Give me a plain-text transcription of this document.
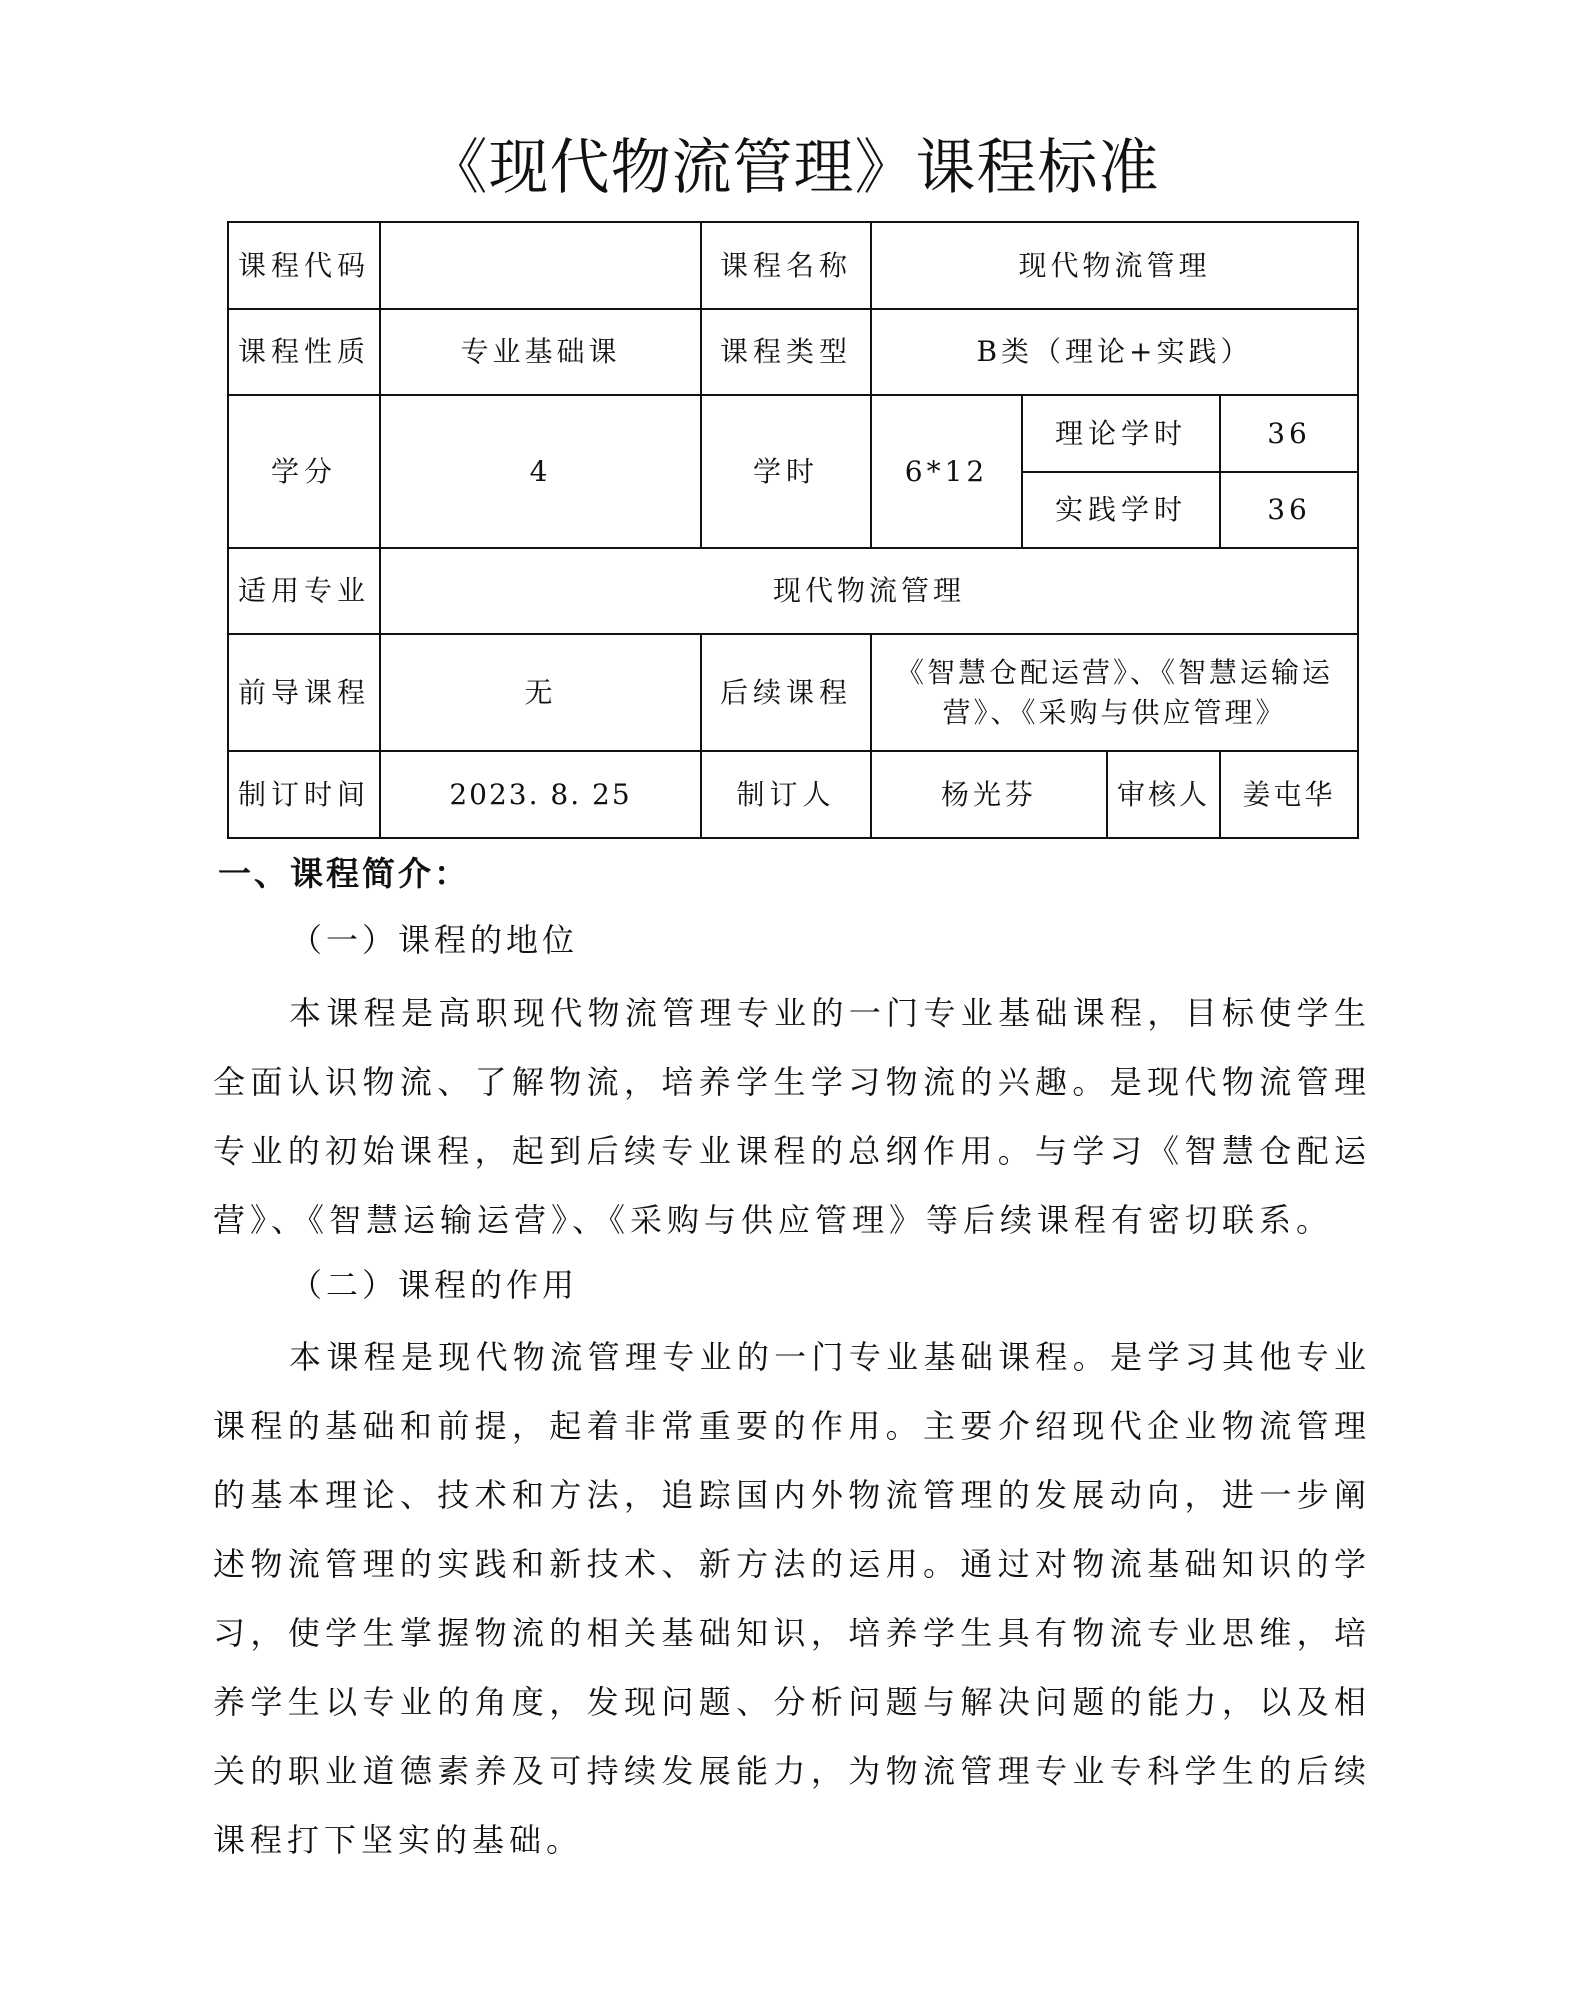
《现代物流管理》课程标准
课程代码		课程名称	现代物流管理			
课程性质	专业基础课	课程类型	B类（理论+实践）			
学分	4	学时	6*12	理论学时		36
				实践学时		36
适用专业	现代物流管理					
前导课程	无	后续课程	《智慧仓配运营》、《智慧运输运营》、《采购与供应管理》			
制订时间	2023. 8. 25	制订人	杨光芬		审核人	姜屯华
一、课程简介：
（一）课程的地位

本课程是高职现代物流管理专业的一门专业基础课程，目标使学生全面认识物流、了解物流，培养学生学习物流的兴趣。是现代物流管理专业的初始课程，起到后续专业课程的总纲作用。与学习《智慧仓配运营》、《智慧运输运营》、《采购与供应管理》等后续课程有密切联系。

（二）课程的作用

本课程是现代物流管理专业的一门专业基础课程。是学习其他专业课程的基础和前提，起着非常重要的作用。主要介绍现代企业物流管理的基本理论、技术和方法，追踪国内外物流管理的发展动向，进一步阐述物流管理的实践和新技术、新方法的运用。通过对物流基础知识的学习，使学生掌握物流的相关基础知识，培养学生具有物流专业思维，培养学生以专业的角度，发现问题、分析问题与解决问题的能力，以及相关的职业道德素养及可持续发展能力，为物流管理专业专科学生的后续课程打下坚实的基础。
